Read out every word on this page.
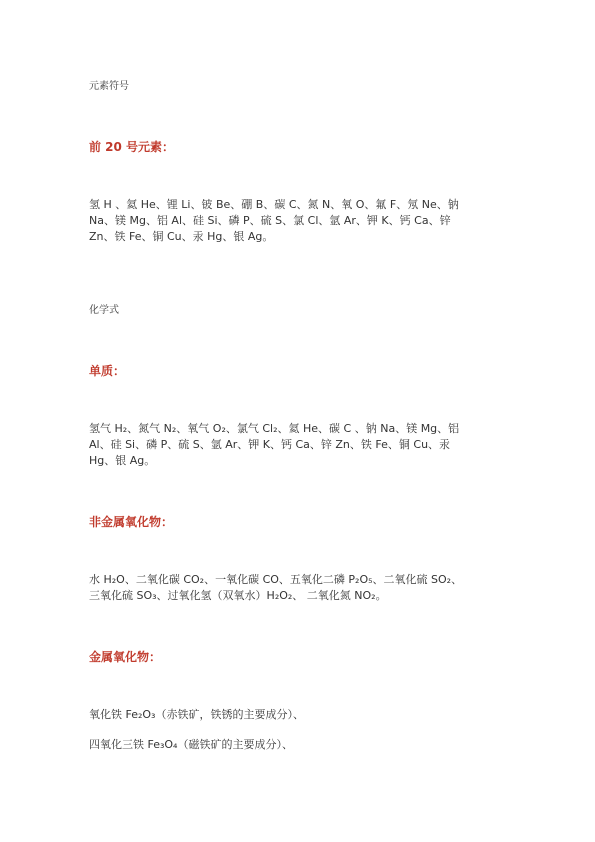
元素符号
前 20 号元素：
氢 H 、氦 He、锂 Li、铍 Be、硼 B、碳 C、氮 N、氧 O、氟 F、氖 Ne、钠
Na、镁 Mg、铝 Al、硅 Si、磷 P、硫 S、氯 Cl、氩 Ar、钾 K、钙 Ca、锌
Zn、铁 Fe、铜 Cu、汞 Hg、银 Ag。
化学式
单质：
氢气 H₂、氮气 N₂、氧气 O₂、氯气 Cl₂、氦 He、碳 C 、钠 Na、镁 Mg、铝
Al、硅 Si、磷 P、硫 S、氩 Ar、钾 K、钙 Ca、锌 Zn、铁 Fe、铜 Cu、汞
Hg、银 Ag。
非金属氧化物：
水 H₂O、二氧化碳 CO₂、一氧化碳 CO、五氧化二磷 P₂O₅、二氧化硫 SO₂、
三氧化硫 SO₃、过氧化氢（双氧水）H₂O₂、 二氧化氮 NO₂。
金属氧化物：
氧化铁 Fe₂O₃（赤铁矿，铁锈的主要成分）、
四氧化三铁 Fe₃O₄（磁铁矿的主要成分）、
